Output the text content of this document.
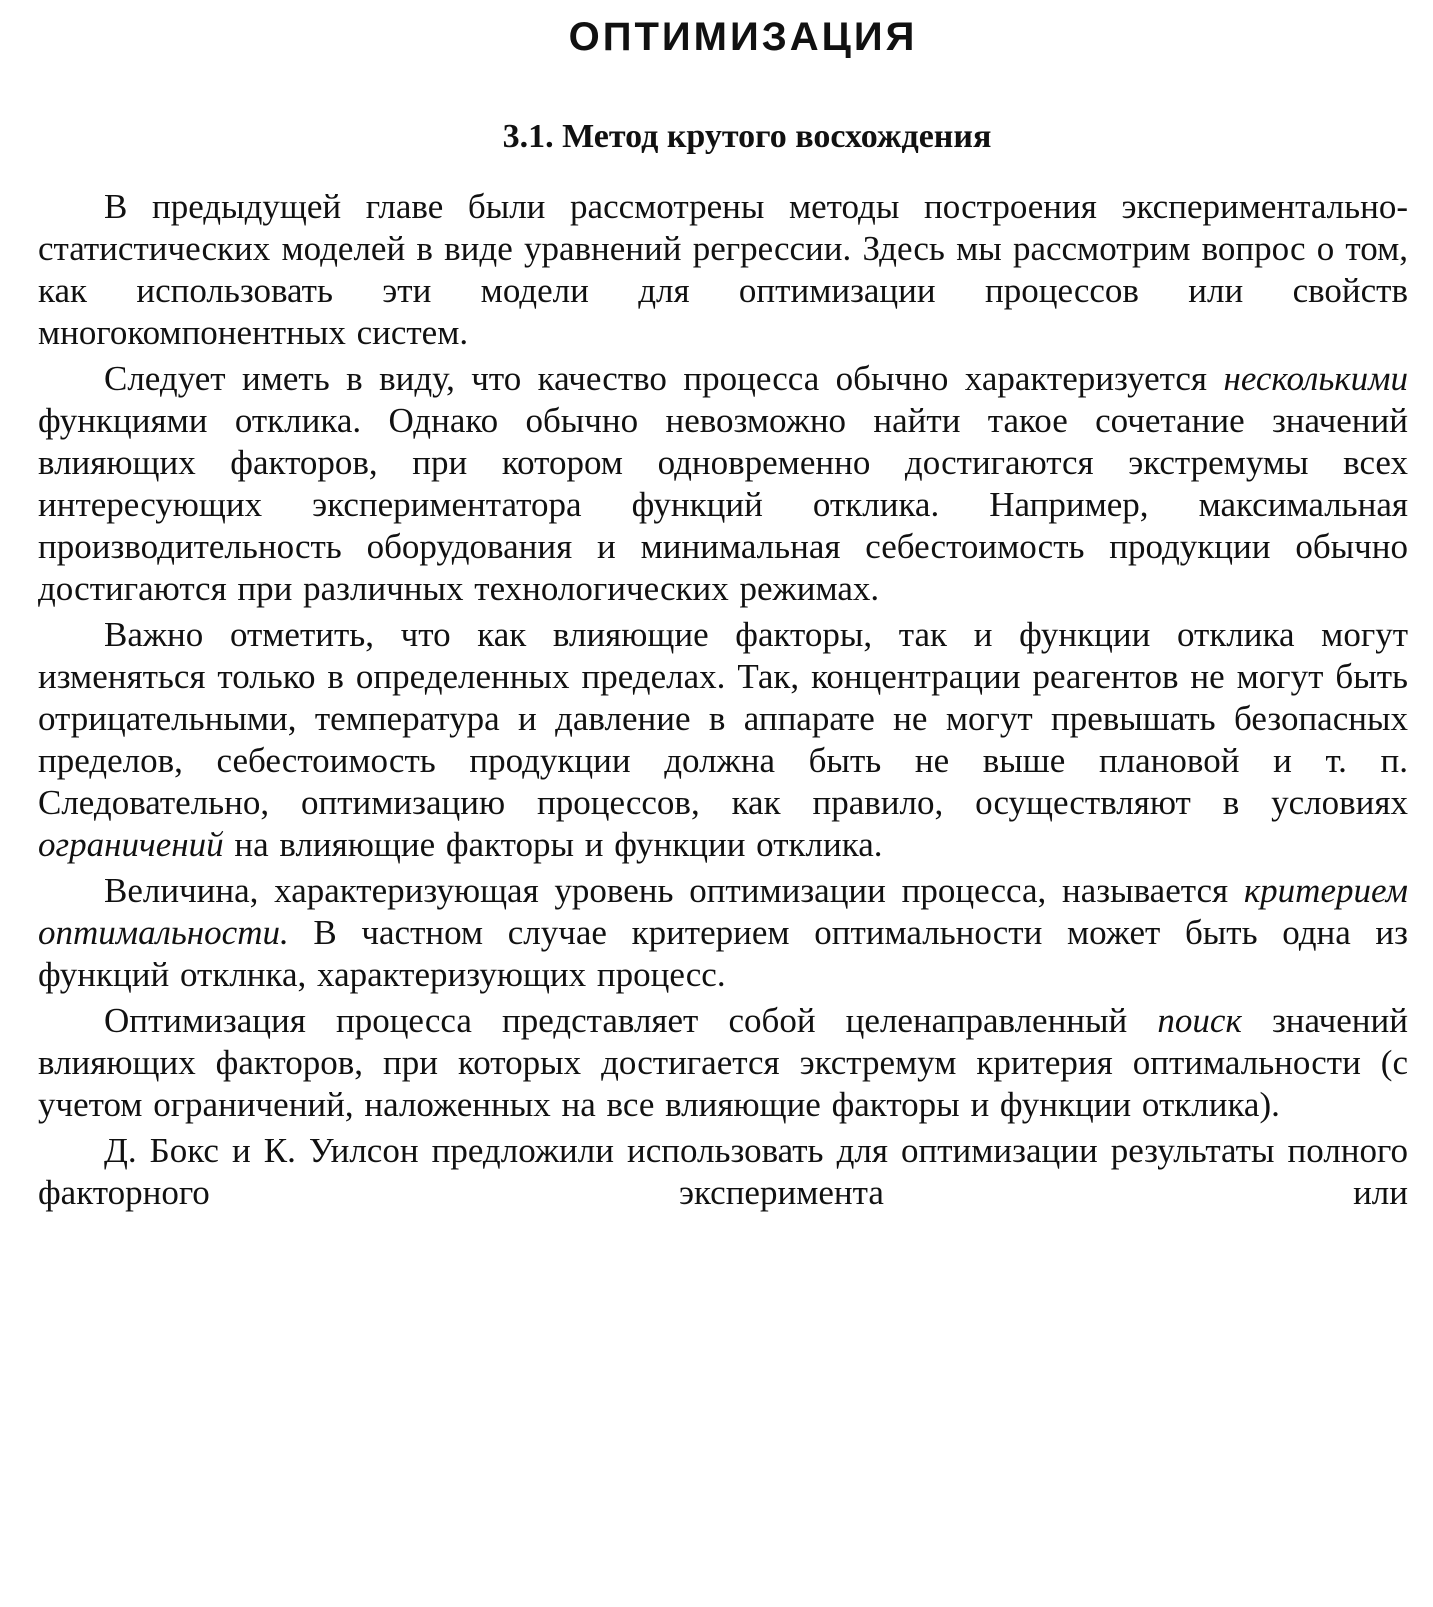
ОПТИМИЗАЦИЯ
3.1. Метод крутого восхождения

В предыдущей главе были рассмотрены методы построения экспериментально-статистических моделей в виде уравнений регрессии. Здесь мы рассмотрим вопрос о том, как использовать эти модели для оптимизации процессов или свойств многокомпонентных систем.

Следует иметь в виду, что качество процесса обычно характеризуется несколькими функциями отклика. Однако обычно невозможно найти такое сочетание значений влияющих факторов, при котором одновременно достигаются экстремумы всех интересующих экспериментатора функций отклика. Например, максимальная производительность оборудования и минимальная себестоимость продукции обычно достигаются при различных технологических режимах.

Важно отметить, что как влияющие факторы, так и функции отклика могут изменяться только в определенных пределах. Так, концентрации реагентов не могут быть отрицательными, температура и давление в аппарате не могут превышать безопасных пределов, себестоимость продукции должна быть не выше плановой и т. п. Следовательно, оптимизацию процессов, как правило, осуществляют в условиях ограничений на влияющие факторы и функции отклика.

Величина, характеризующая уровень оптимизации процесса, называется критерием оптимальности. В частном случае критерием оптимальности может быть одна из функций отклнка, характеризующих процесс.

Оптимизация процесса представляет собой целенаправленный поиск значений влияющих факторов, при которых достигается экстремум критерия оптимальности (с учетом ограничений, наложенных на все влияющие факторы и функции отклика).

Д. Бокс и К. Уилсон предложили использовать для оптимизации результаты полного факторного эксперимента или
